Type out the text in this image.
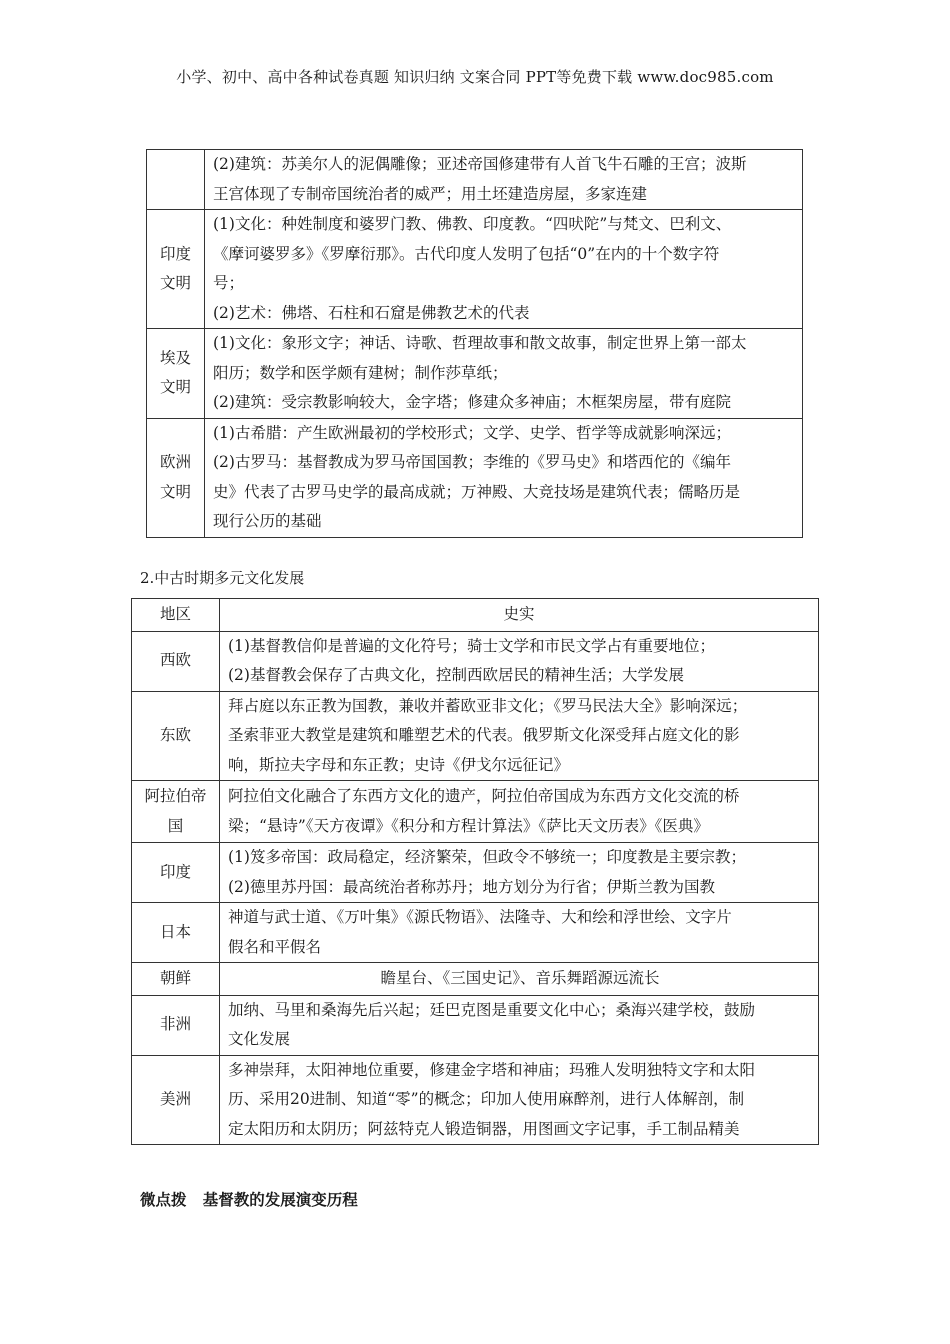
小学、初中、高中各种试卷真题 知识归纳 文案合同 PPT等免费下载 www.doc985.com

	(2)建筑：苏美尔人的泥偶雕像；亚述帝国修建带有人首飞牛石雕的王宫；波斯
王宫体现了专制帝国统治者的威严；用土坯建造房屋，多家连建

印度
文明	(1)文化：种姓制度和婆罗门教、佛教、印度教。“四吠陀”与梵文、巴利文、
《摩诃婆罗多》《罗摩衍那》。古代印度人发明了包括“0”在内的十个数字符
号；
(2)艺术：佛塔、石柱和石窟是佛教艺术的代表

埃及
文明	(1)文化：象形文字；神话、诗歌、哲理故事和散文故事，制定世界上第一部太
阳历；数学和医学颇有建树；制作莎草纸；
(2)建筑：受宗教影响较大，金字塔；修建众多神庙；木框架房屋，带有庭院

欧洲
文明	(1)古希腊：产生欧洲最初的学校形式；文学、史学、哲学等成就影响深远；
(2)古罗马：基督教成为罗马帝国国教；李维的《罗马史》和塔西佗的《编年
史》代表了古罗马史学的最高成就；万神殿、大竞技场是建筑代表；儒略历是
现行公历的基础
2.中古时期多元文化发展
地区	史实

西欧	(1)基督教信仰是普遍的文化符号；骑士文学和市民文学占有重要地位；
(2)基督教会保存了古典文化，控制西欧居民的精神生活；大学发展

东欧	拜占庭以东正教为国教，兼收并蓄欧亚非文化；《罗马民法大全》影响深远；
圣索菲亚大教堂是建筑和雕塑艺术的代表。俄罗斯文化深受拜占庭文化的影
响，斯拉夫字母和东正教；史诗《伊戈尔远征记》

阿拉伯帝
国	阿拉伯文化融合了东西方文化的遗产，阿拉伯帝国成为东西方文化交流的桥
梁；“悬诗”《天方夜谭》《积分和方程计算法》《萨比天文历表》《医典》

印度	(1)笈多帝国：政局稳定，经济繁荣，但政令不够统一；印度教是主要宗教；
(2)德里苏丹国：最高统治者称苏丹；地方划分为行省；伊斯兰教为国教

日本	神道与武士道、《万叶集》《源氏物语》、法隆寺、大和绘和浮世绘、文字片
假名和平假名

朝鲜	瞻星台、《三国史记》、音乐舞蹈源远流长

非洲	加纳、马里和桑海先后兴起；廷巴克图是重要文化中心；桑海兴建学校，鼓励
文化发展

美洲	多神崇拜，太阳神地位重要，修建金字塔和神庙；玛雅人发明独特文字和太阳
历、采用20进制、知道“零”的概念；印加人使用麻醉剂，进行人体解剖，制
定太阳历和太阴历；阿兹特克人锻造铜器，用图画文字记事，手工制品精美
微点拨 基督教的发展演变历程
